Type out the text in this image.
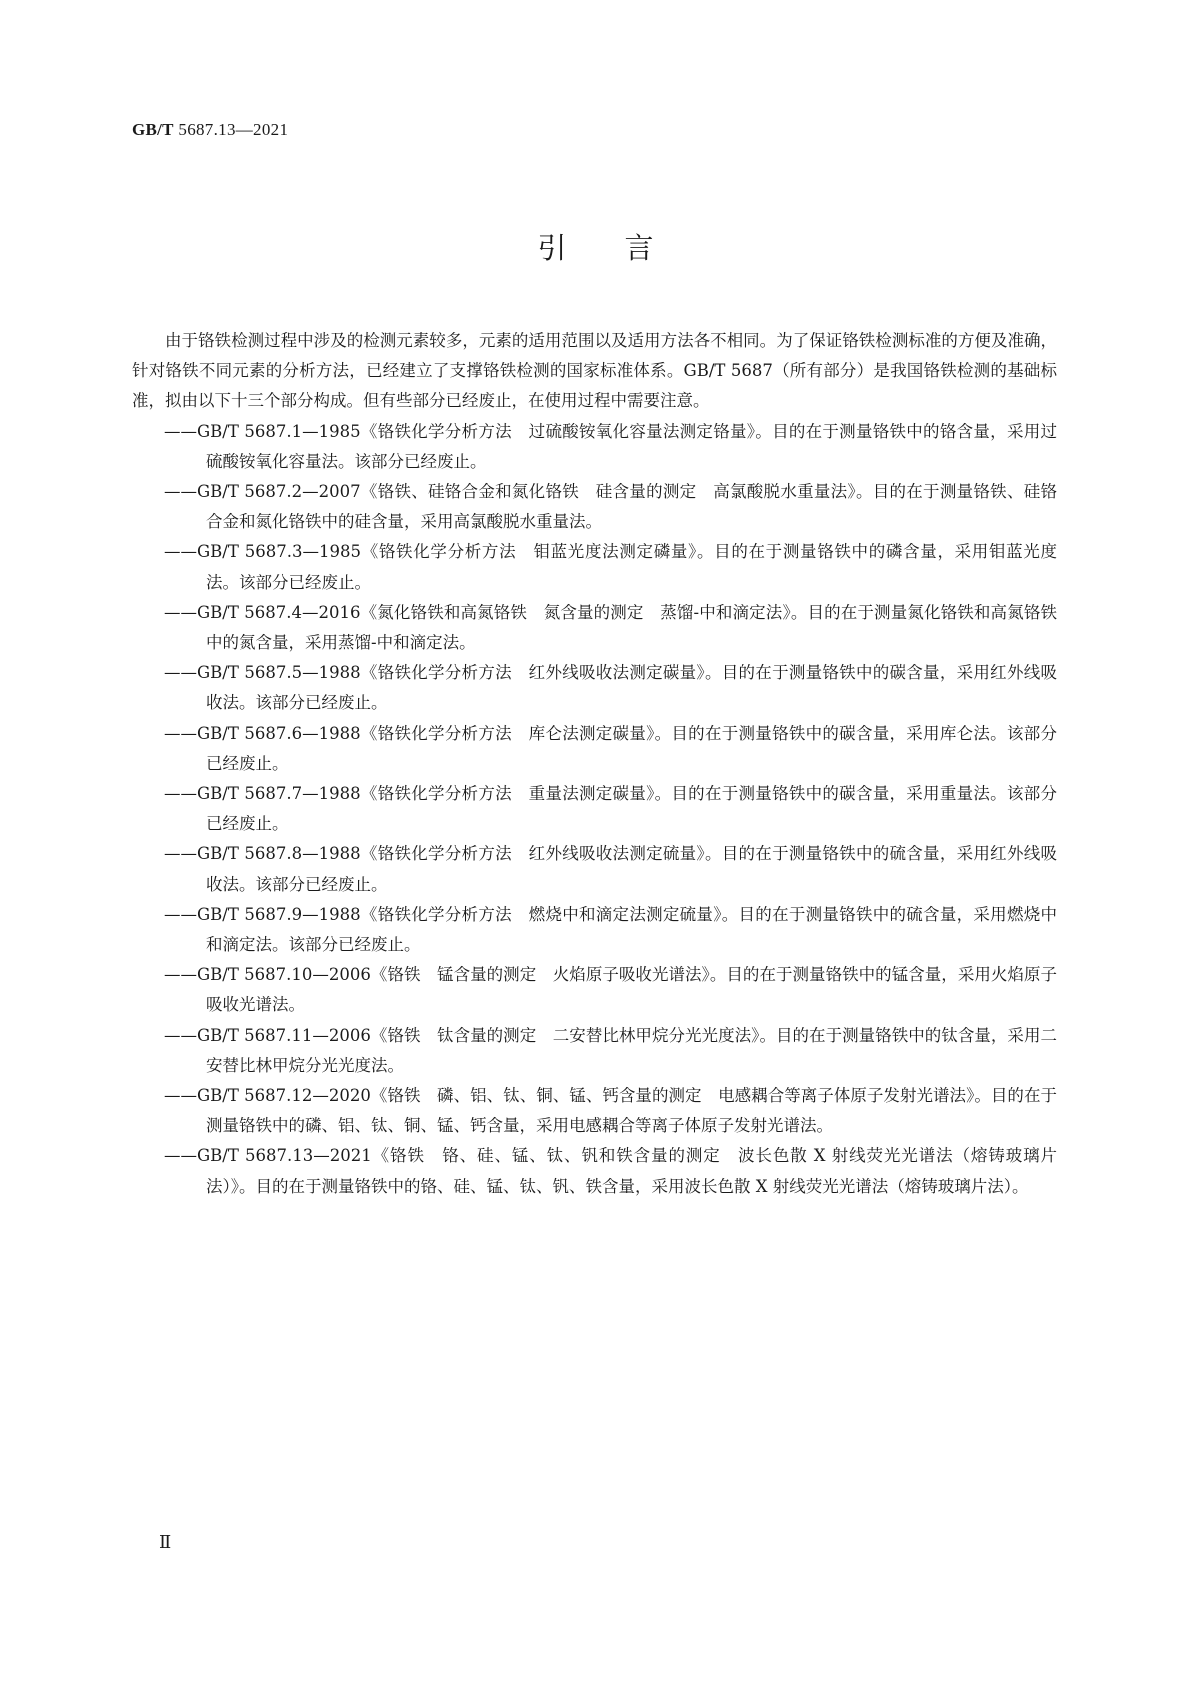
GB/T 5687.13—2021
引言

由于铬铁检测过程中涉及的检测元素较多，元素的适用范围以及适用方法各不相同。为了保证铬铁检测标准的方便及准确，针对铬铁不同元素的分析方法，已经建立了支撑铬铁检测的国家标准体系。GB/T 5687（所有部分）是我国铬铁检测的基础标准，拟由以下十三个部分构成。但有些部分已经废止，在使用过程中需要注意。

——GB/T 5687.1—1985《铬铁化学分析方法　过硫酸铵氧化容量法测定铬量》。目的在于测量铬铁中的铬含量，采用过硫酸铵氧化容量法。该部分已经废止。
——GB/T 5687.2—2007《铬铁、硅铬合金和氮化铬铁　硅含量的测定　高氯酸脱水重量法》。目的在于测量铬铁、硅铬合金和氮化铬铁中的硅含量，采用高氯酸脱水重量法。
——GB/T 5687.3—1985《铬铁化学分析方法　钼蓝光度法测定磷量》。目的在于测量铬铁中的磷含量，采用钼蓝光度法。该部分已经废止。
——GB/T 5687.4—2016《氮化铬铁和高氮铬铁　氮含量的测定　蒸馏-中和滴定法》。目的在于测量氮化铬铁和高氮铬铁中的氮含量，采用蒸馏-中和滴定法。
——GB/T 5687.5—1988《铬铁化学分析方法　红外线吸收法测定碳量》。目的在于测量铬铁中的碳含量，采用红外线吸收法。该部分已经废止。
——GB/T 5687.6—1988《铬铁化学分析方法　库仑法测定碳量》。目的在于测量铬铁中的碳含量，采用库仑法。该部分已经废止。
——GB/T 5687.7—1988《铬铁化学分析方法　重量法测定碳量》。目的在于测量铬铁中的碳含量，采用重量法。该部分已经废止。
——GB/T 5687.8—1988《铬铁化学分析方法　红外线吸收法测定硫量》。目的在于测量铬铁中的硫含量，采用红外线吸收法。该部分已经废止。
——GB/T 5687.9—1988《铬铁化学分析方法　燃烧中和滴定法测定硫量》。目的在于测量铬铁中的硫含量，采用燃烧中和滴定法。该部分已经废止。
——GB/T 5687.10—2006《铬铁　锰含量的测定　火焰原子吸收光谱法》。目的在于测量铬铁中的锰含量，采用火焰原子吸收光谱法。
——GB/T 5687.11—2006《铬铁　钛含量的测定　二安替比林甲烷分光光度法》。目的在于测量铬铁中的钛含量，采用二安替比林甲烷分光光度法。
——GB/T 5687.12—2020《铬铁　磷、铝、钛、铜、锰、钙含量的测定　电感耦合等离子体原子发射光谱法》。目的在于测量铬铁中的磷、铝、钛、铜、锰、钙含量，采用电感耦合等离子体原子发射光谱法。
——GB/T 5687.13—2021《铬铁　铬、硅、锰、钛、钒和铁含量的测定　波长色散 X 射线荧光光谱法（熔铸玻璃片法）》。目的在于测量铬铁中的铬、硅、锰、钛、钒、铁含量，采用波长色散 X 射线荧光光谱法（熔铸玻璃片法）。
Ⅱ
